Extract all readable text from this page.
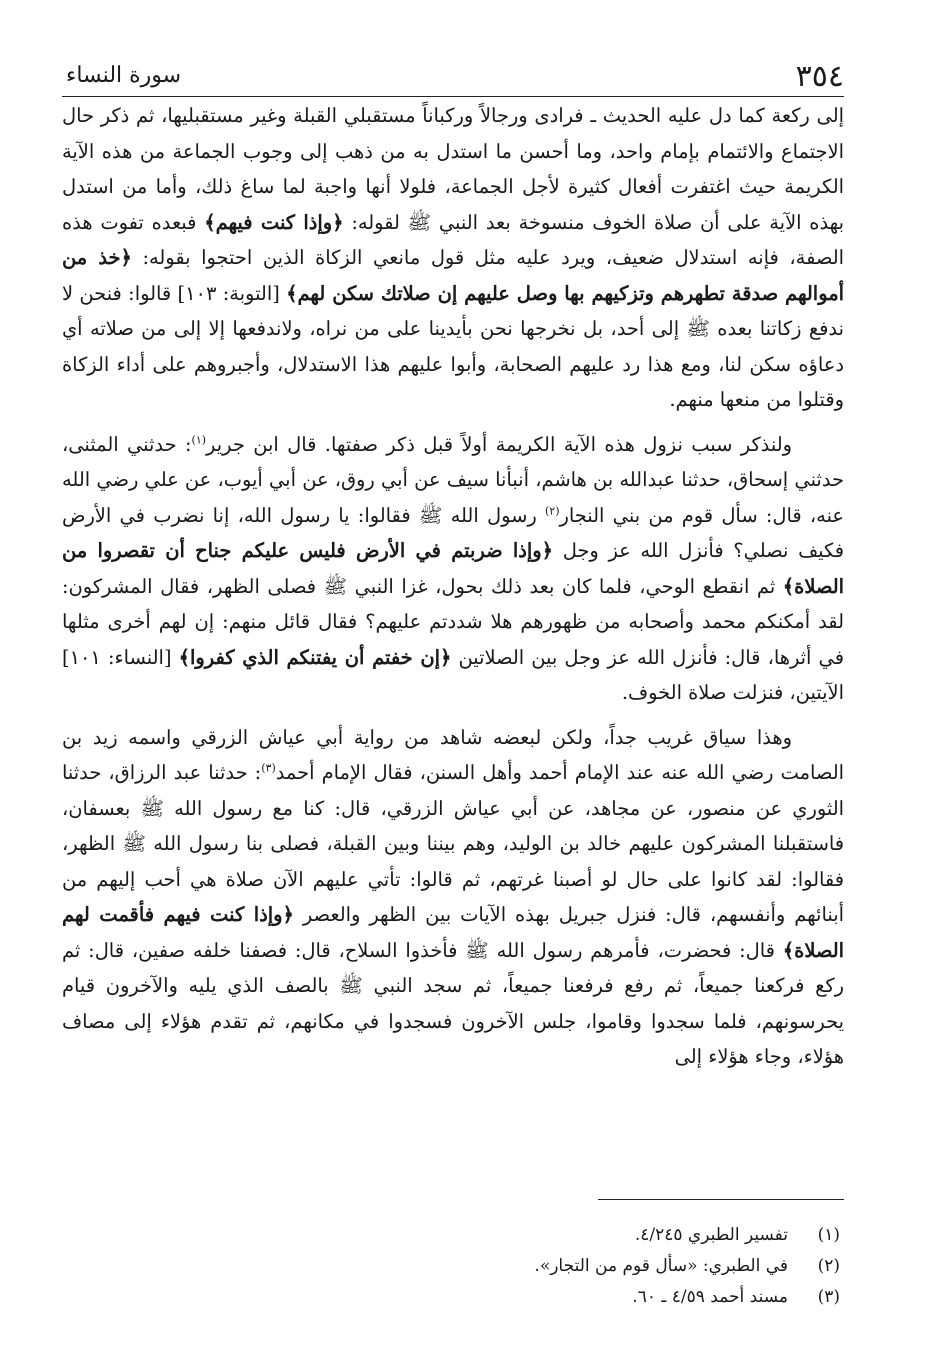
٣٥٤
سورة النساء

إلى ركعة كما دل عليه الحديث ـ فرادى ورجالاً وركباناً مستقبلي القبلة وغير مستقبليها، ثم ذكر حال الاجتماع والائتمام بإمام واحد، وما أحسن ما استدل به من ذهب إلى وجوب الجماعة من هذه الآية الكريمة حيث اغتفرت أفعال كثيرة لأجل الجماعة، فلولا أنها واجبة لما ساغ ذلك، وأما من استدل بهذه الآية على أن صلاة الخوف منسوخة بعد النبي ﷺ لقوله: ﴿وإذا كنت فيهم﴾ فبعده تفوت هذه الصفة، فإنه استدلال ضعيف، ويرد عليه مثل قول مانعي الزكاة الذين احتجوا بقوله: ﴿خذ من أموالهم صدقة تطهرهم وتزكيهم بها وصل عليهم إن صلاتك سكن لهم﴾ [التوبة: ١٠٣] قالوا: فنحن لا ندفع زكاتنا بعده ﷺ إلى أحد، بل نخرجها نحن بأيدينا على من نراه، ولاندفعها إلا إلى من صلاته أي دعاؤه سكن لنا، ومع هذا رد عليهم الصحابة، وأبوا عليهم هذا الاستدلال، وأجبروهم على أداء الزكاة وقتلوا من منعها منهم.

ولنذكر سبب نزول هذه الآية الكريمة أولاً قبل ذكر صفتها. قال ابن جرير$^{(١)}$: حدثني المثنى، حدثني إسحاق، حدثنا عبدالله بن هاشم، أنبأنا سيف عن أبي روق، عن أبي أيوب، عن علي رضي الله عنه، قال: سأل قوم من بني النجار$^{(٢)}$ رسول الله ﷺ فقالوا: يا رسول الله، إنا نضرب في الأرض فكيف نصلي؟ فأنزل الله عز وجل ﴿وإذا ضربتم في الأرض فليس عليكم جناح أن تقصروا من الصلاة﴾ ثم انقطع الوحي، فلما كان بعد ذلك بحول، غزا النبي ﷺ فصلى الظهر، فقال المشركون: لقد أمكنكم محمد وأصحابه من ظهورهم هلا شددتم عليهم؟ فقال قائل منهم: إن لهم أخرى مثلها في أثرها، قال: فأنزل الله عز وجل بين الصلاتين ﴿إن خفتم أن يفتنكم الذي كفروا﴾ [النساء: ١٠١] الآيتين، فنزلت صلاة الخوف.

وهذا سياق غريب جداً، ولكن لبعضه شاهد من رواية أبي عياش الزرقي واسمه زيد بن الصامت رضي الله عنه عند الإمام أحمد وأهل السنن، فقال الإمام أحمد$^{(٣)}$: حدثنا عبد الرزاق، حدثنا الثوري عن منصور، عن مجاهد، عن أبي عياش الزرقي، قال: كنا مع رسول الله ﷺ بعسفان، فاستقبلنا المشركون عليهم خالد بن الوليد، وهم بيننا وبين القبلة، فصلى بنا رسول الله ﷺ الظهر، فقالوا: لقد كانوا على حال لو أصبنا غرتهم، ثم قالوا: تأتي عليهم الآن صلاة هي أحب إليهم من أبنائهم وأنفسهم، قال: فنزل جبريل بهذه الآيات بين الظهر والعصر ﴿وإذا كنت فيهم فأقمت لهم الصلاة﴾ قال: فحضرت، فأمرهم رسول الله ﷺ فأخذوا السلاح، قال: فصفنا خلفه صفين، قال: ثم ركع فركعنا جميعاً، ثم رفع فرفعنا جميعاً، ثم سجد النبي ﷺ بالصف الذي يليه والآخرون قيام يحرسونهم، فلما سجدوا وقاموا، جلس الآخرون فسجدوا في مكانهم، ثم تقدم هؤلاء إلى مصاف هؤلاء، وجاء هؤلاء إلى

(١)
تفسير الطبري ٤/٢٤٥.
(٢)
في الطبري: «سأل قوم من التجار».
(٣)
مسند أحمد ٤/٥٩ ـ ٦٠.
